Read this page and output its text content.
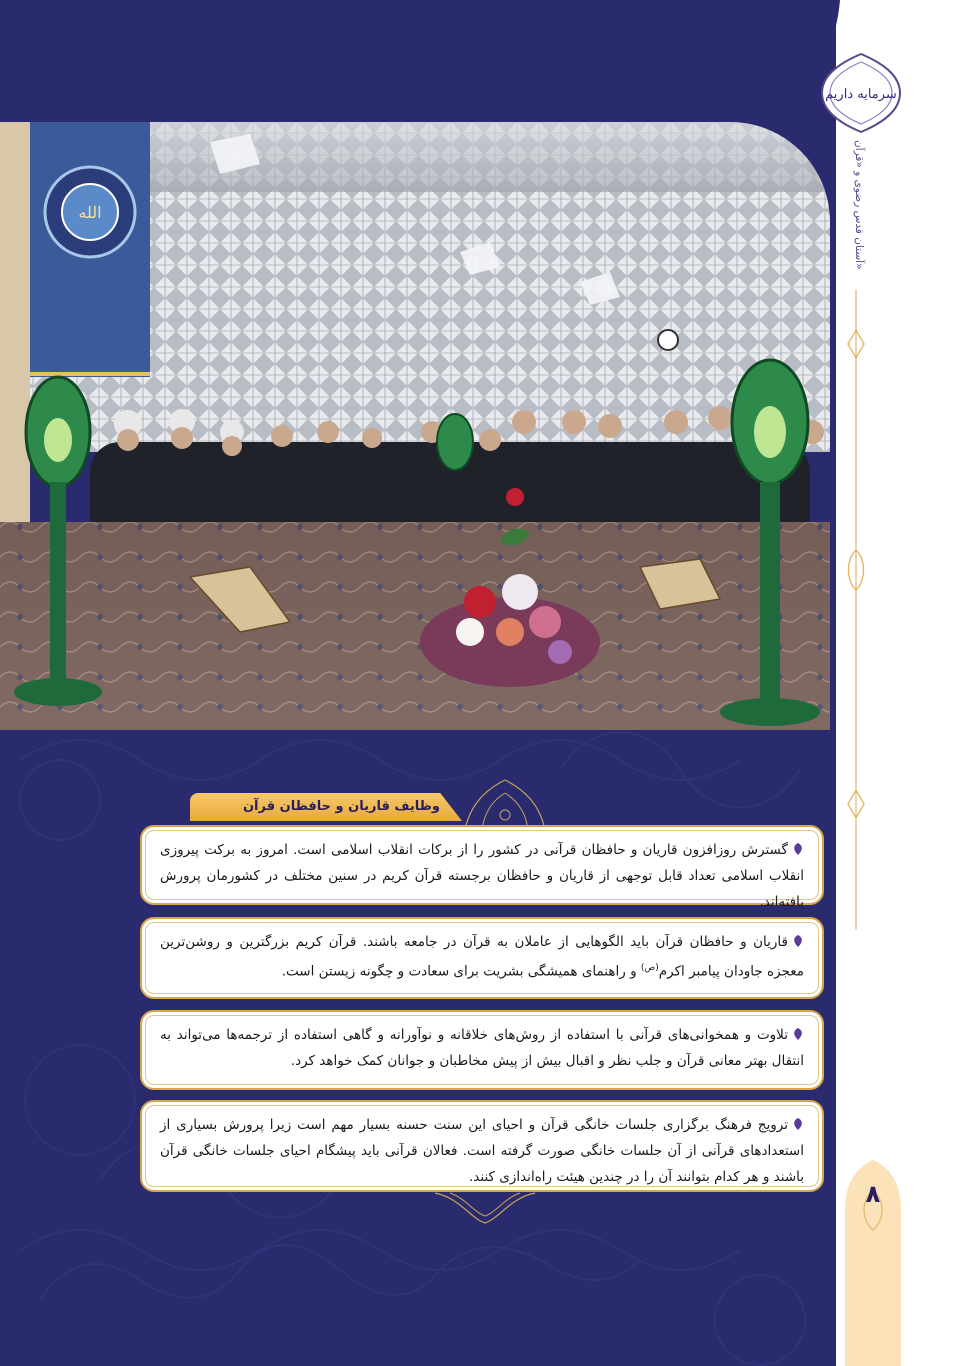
سرمایه داریم
آستان قدس رضوی و «قرآن»
۸
الله
وظایف قاریان و حافظان قرآن
گسترش روزافزون قاریان و حافظان قرآنی در کشور را از برکات انقلاب اسلامی است. امروز به برکت پیروزی انقلاب اسلامی تعداد قابل توجهی از قاریان و حافظان برجسته قرآن کریم در سنین مختلف در کشورمان پرورش یافته‌اند.
قاریان و حافظان قرآن باید الگوهایی از عاملان به قرآن در جامعه باشند. قرآن کریم بزرگترین و روشن‌ترین معجزه جاودان پیامبر اکرم$^{(ص)}$ و راهنمای همیشگی بشریت برای سعادت و چگونه زیستن است.
تلاوت و همخوانی‌های قرآنی با استفاده از روش‌های خلاقانه و نوآورانه و گاهی استفاده از ترجمه‌ها می‌تواند به انتقال بهتر معانی قرآن و جلب نظر و اقبال بیش از پیش مخاطبان و جوانان کمک خواهد کرد.
ترویج فرهنگ برگزاری جلسات خانگی قرآن و احیای این سنت حسنه بسیار مهم است زیرا پرورش بسیاری از استعدادهای قرآنی از آن جلسات خانگی صورت گرفته است. فعالان قرآنی باید پیشگام احیای جلسات خانگی قرآن باشند و هر کدام بتوانند آن را در چندین هیئت راه‌اندازی کنند.
